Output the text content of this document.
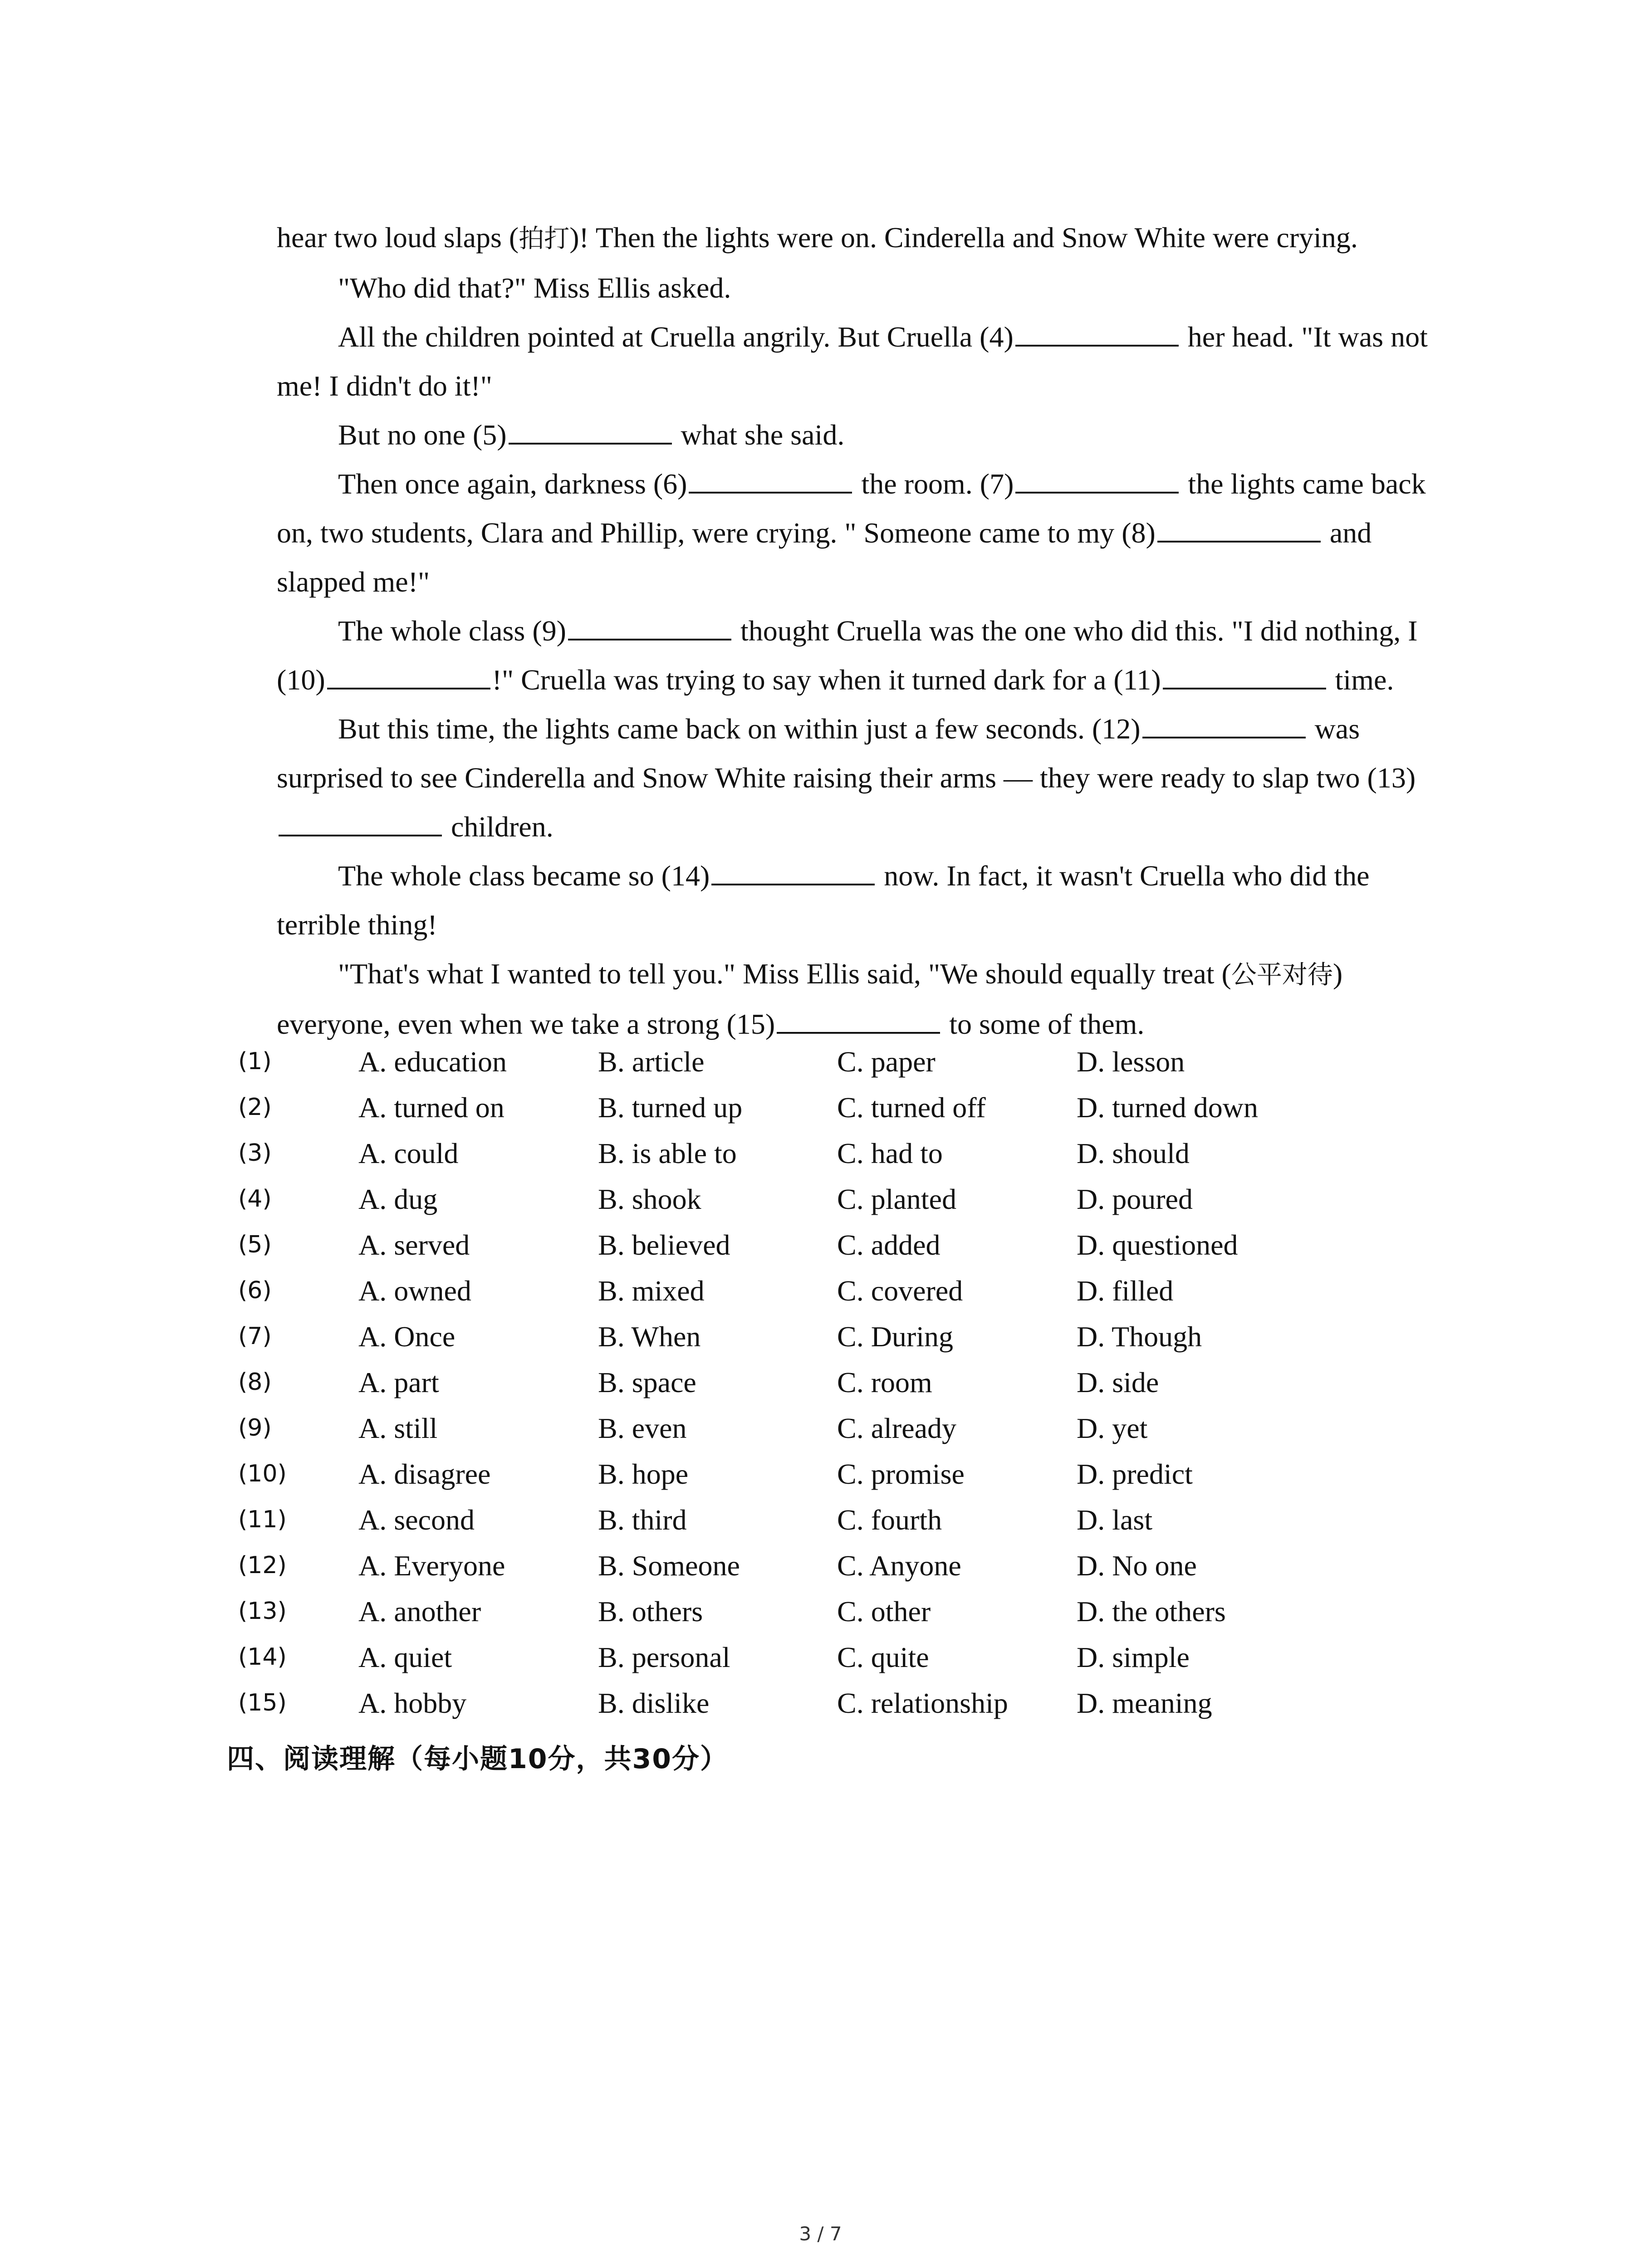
hear two loud slaps (拍打)! Then the lights were on. Cinderella and Snow White were crying.

"Who did that?" Miss Ellis asked.

All the children pointed at Cruella angrily. But Cruella (4)	her head. "It was not me! I didn't do it!"

But no one (5)	what she said.

Then once again, darkness (6)	the room. (7)	the lights came back on, two students, Clara and Phillip, were crying. " Someone came to my (8)	and slapped me!"

The whole class (9)	thought Cruella was the one who did this. "I did nothing, I (10)	!" Cruella was trying to say when it turned dark for a (11)	time.

But this time, the lights came back on within just a few seconds. (12)	was surprised to see Cinderella and Snow White raising their arms — they were ready to slap two (13) children.

The whole class became so (14)	now. In fact, it wasn't Cruella who did the terrible thing!

"That's what I wanted to tell you." Miss Ellis said, "We should equally treat (公平对待) everyone, even when we take a strong (15)	to some of them.

(1)	A. education	B. article	C. paper	D. lesson
(2)	A. turned on	B. turned up	C. turned off	D. turned down
(3)	A. could	B. is able to	C. had to	D. should
(4)	A. dug	B. shook	C. planted	D. poured
(5)	A. served	B. believed	C. added	D. questioned
(6)	A. owned	B. mixed	C. covered	D. filled
(7)	A. Once	B. When	C. During	D. Though
(8)	A. part	B. space	C. room	D. side
(9)	A. still	B. even	C. already	D. yet
(10) A. disagree	B. hope	C. promise	D. predict
(11) A. second	B. third	C. fourth	D. last
(12) A. Everyone	B. Someone	C. Anyone	D. No one
(13) A. another	B. others	C. other	D. the others
(14) A. quiet	B. personal	C. quite	D. simple
(15) A. hobby	B. dislike	C. relationship D. meaning
四、阅读理解（每小题10分，共30分）
3 / 7
